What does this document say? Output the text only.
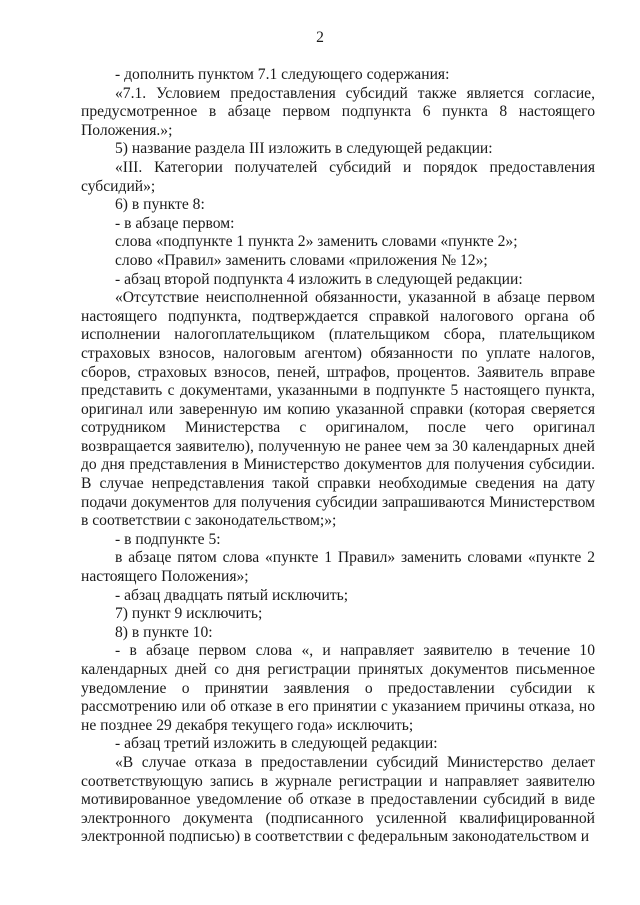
2

- дополнить пунктом 7.1 следующего содержания:

«7.1. Условием предоставления субсидий также является согласие, предусмотренное в абзаце первом подпункта 6 пункта 8 настоящего Положения.»;

5) название раздела III изложить в следующей редакции:

«III. Категории получателей субсидий и порядок предоставления субсидий»;

6) в пункте 8:

- в абзаце первом:

слова «подпункте 1 пункта 2» заменить словами «пункте 2»;

слово «Правил» заменить словами «приложения № 12»;

- абзац второй подпункта 4 изложить в следующей редакции:

«Отсутствие неисполненной обязанности, указанной в абзаце первом настоящего подпункта, подтверждается справкой налогового органа об исполнении налогоплательщиком (плательщиком сбора, плательщиком страховых взносов, налоговым агентом) обязанности по уплате налогов, сборов, страховых взносов, пеней, штрафов, процентов. Заявитель вправе представить с документами, указанными в подпункте 5 настоящего пункта, оригинал или заверенную им копию указанной справки (которая сверяется сотрудником Министерства с оригиналом, после чего оригинал возвращается заявителю), полученную не ранее чем за 30 календарных дней до дня представления в Министерство документов для получения субсидии. В случае непредставления такой справки необходимые сведения на дату подачи документов для получения субсидии запрашиваются Министерством в соответствии с законодательством;»;

- в подпункте 5:

в абзаце пятом слова «пункте 1 Правил» заменить словами «пункте 2 настоящего Положения»;

- абзац двадцать пятый исключить;

7) пункт 9 исключить;

8) в пункте 10:

- в абзаце первом слова «, и направляет заявителю в течение 10 календарных дней со дня регистрации принятых документов письменное уведомление о принятии заявления о предоставлении субсидии к рассмотрению или об отказе в его принятии с указанием причины отказа, но не позднее 29 декабря текущего года» исключить;

- абзац третий изложить в следующей редакции:

«В случае отказа в предоставлении субсидий Министерство делает соответствующую запись в журнале регистрации и направляет заявителю мотивированное уведомление об отказе в предоставлении субсидий в виде электронного документа (подписанного усиленной квалифицированной электронной подписью) в соответствии с федеральным законодательством и
